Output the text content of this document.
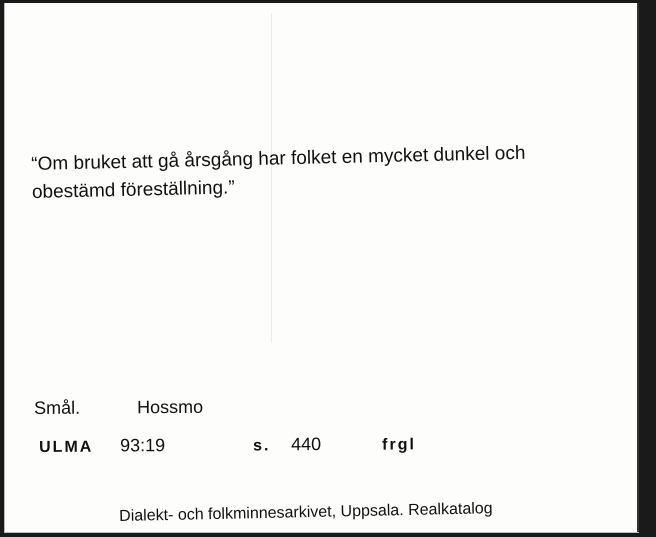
“Om bruket att gå årsgång har folket en mycket dunkel och
obestämd föreställning.”
Smål.	Hossmo
ULMA 93:19	s. 440	frgl
Dialekt- och folkminnesarkivet, Uppsala. Realkatalog
